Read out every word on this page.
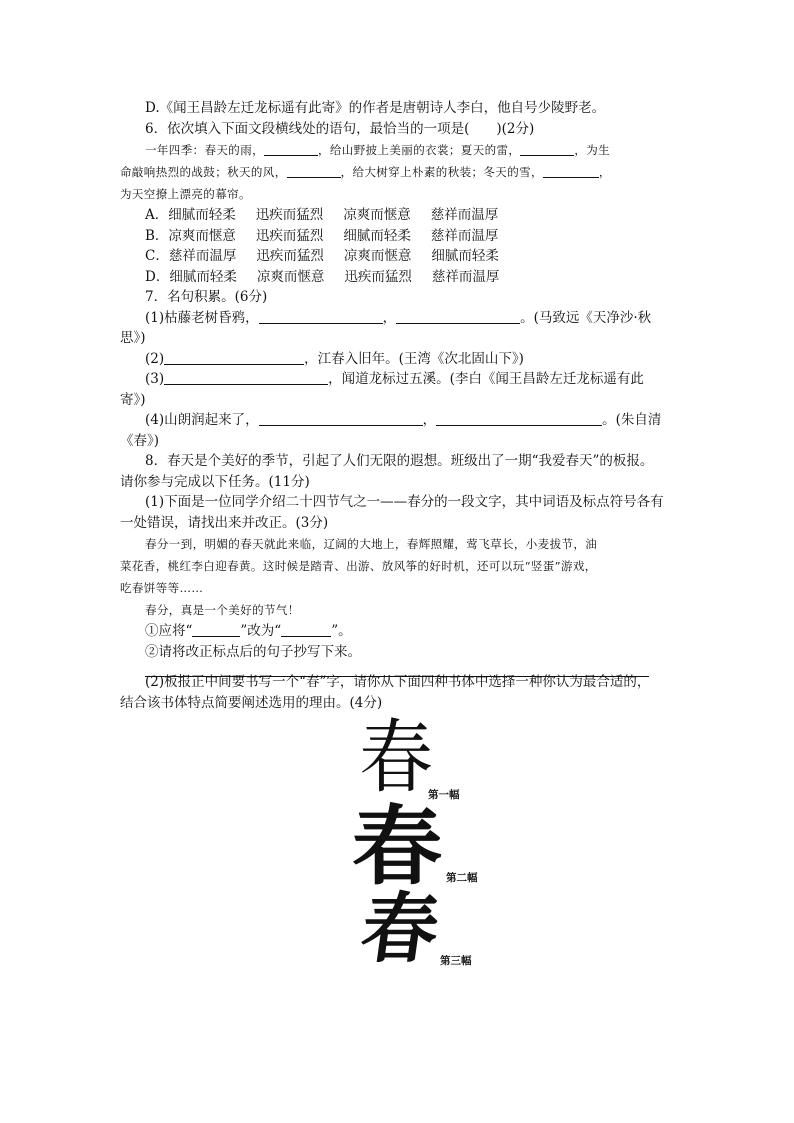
D.《闻王昌龄左迁龙标遥有此寄》的作者是唐朝诗人李白，他自号少陵野老。
6．依次填入下面文段横线处的语句，最恰当的一项是(　　)(2分)
一年四季：春天的雨，	，给山野披上美丽的衣裳；夏天的雷，	，为生
命敲响热烈的战鼓；秋天的风，	，给大树穿上朴素的秋装；冬天的雪，	，
为天空撩上漂亮的幕帘。
A．细腻而轻柔 迅疾而猛烈 凉爽而惬意 慈祥而温厚
B．凉爽而惬意 迅疾而猛烈 细腻而轻柔 慈祥而温厚
C．慈祥而温厚 迅疾而猛烈 凉爽而惬意 细腻而轻柔
D．细腻而轻柔 凉爽而惬意 迅疾而猛烈 慈祥而温厚
7．名句积累。(6分)
(1)枯藤老树昏鸦，	，	。(马致远《天净沙·秋
思》)
(2)	，江春入旧年。(王湾《次北固山下》)
(3)	，闻道龙标过五溪。(李白《闻王昌龄左迁龙标遥有此
寄》)
(4)山朗润起来了，	，	。(朱自清
《春》)
8．春天是个美好的季节，引起了人们无限的遐想。班级出了一期“我爱春天”的板报。
请你参与完成以下任务。(11分)
(1)下面是一位同学介绍二十四节气之一——春分的一段文字，其中词语及标点符号各有
一处错误，请找出来并改正。(3分)
春分一到，明媚的春天就此来临，辽阔的大地上，春辉照耀，莺飞草长，小麦拔节，油
菜花香，桃红李白迎春黄。这时候是踏青、出游、放风筝的好时机，还可以玩“竖蛋”游戏，
吃春饼等等……
春分，真是一个美好的节气！
①应将“	”改为“	”。
②请将改正标点后的句子抄写下来。
(2)板报正中间要书写一个“春”字，请你从下面四种书体中选择一种你认为最合适的，
结合该书体特点简要阐述选用的理由。(4分)
春
第一幅
春 第二幅
春
第三幅
